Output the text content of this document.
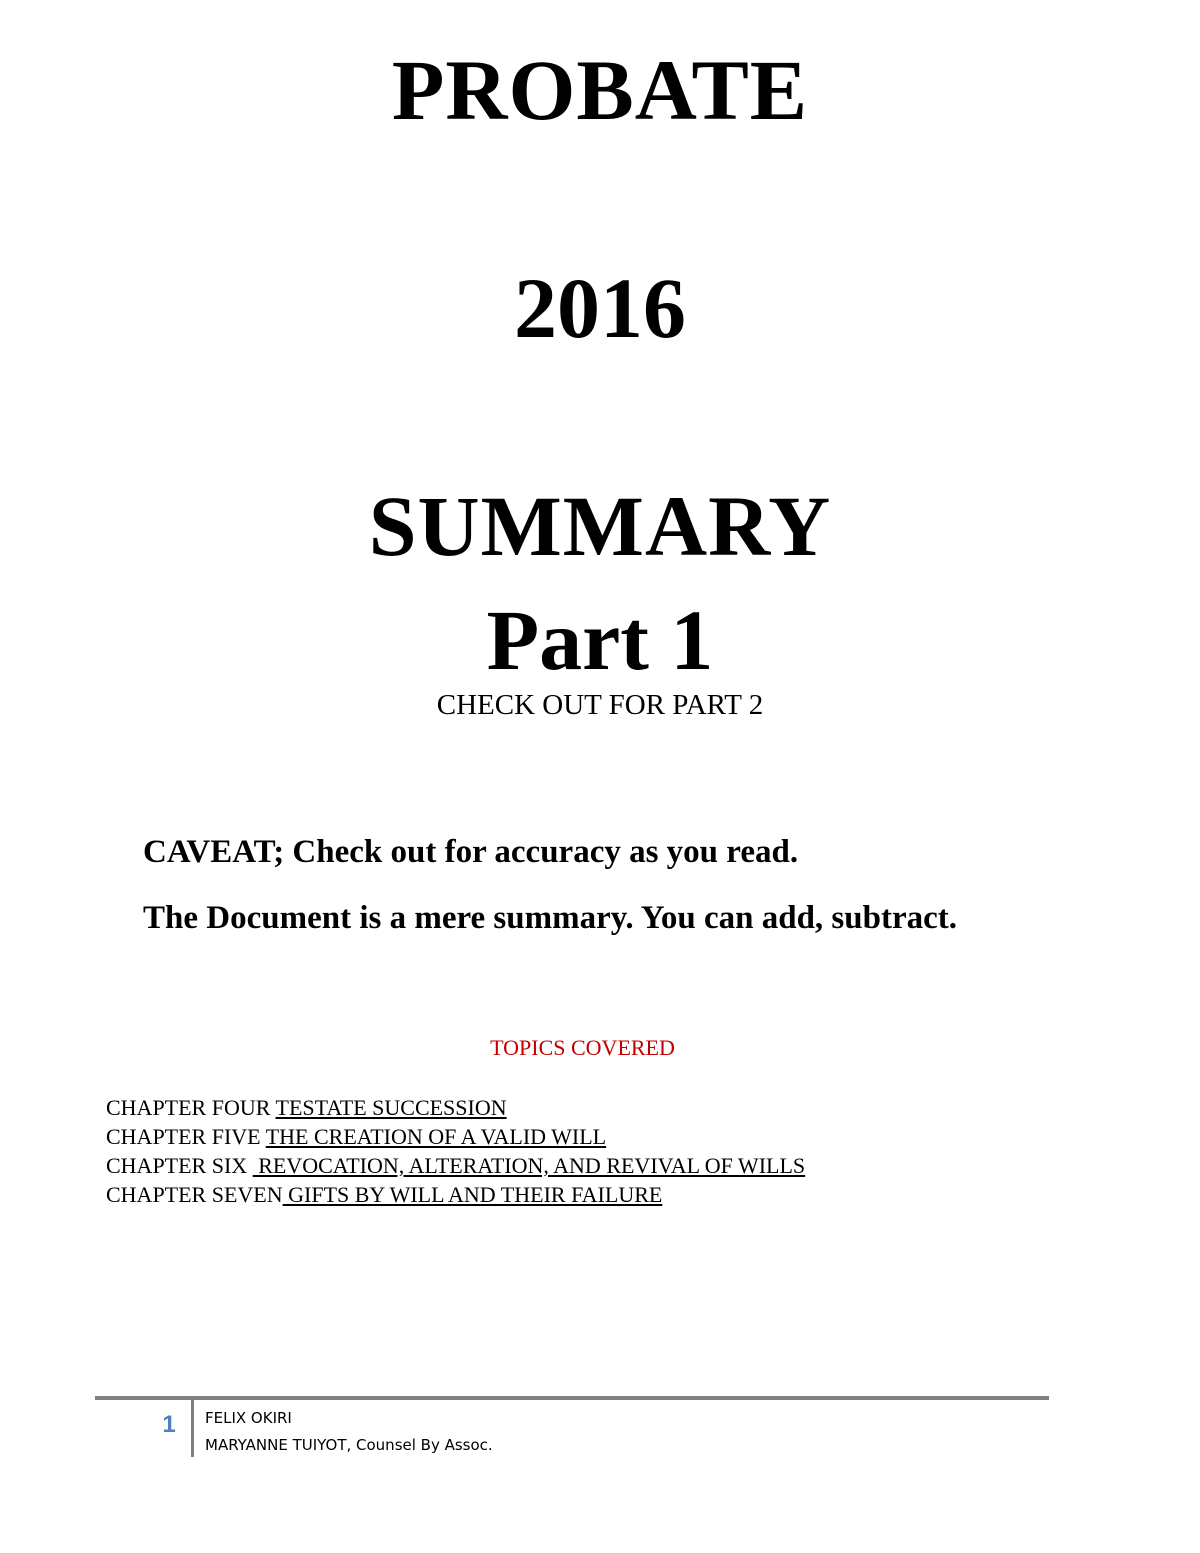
PROBATE
2016
SUMMARY
Part 1
CHECK OUT FOR PART 2
CAVEAT; Check out for accuracy as you read.
The Document is a mere summary. You can add, subtract.
TOPICS COVERED
CHAPTER FOUR TESTATE SUCCESSION
CHAPTER FIVE THE CREATION OF A VALID WILL
CHAPTER SIX  REVOCATION, ALTERATION, AND REVIVAL OF WILLS
CHAPTER SEVEN GIFTS BY WILL AND THEIR FAILURE
1	FELIX OKIRI
MARYANNE TUIYOT, Counsel By Assoc.
